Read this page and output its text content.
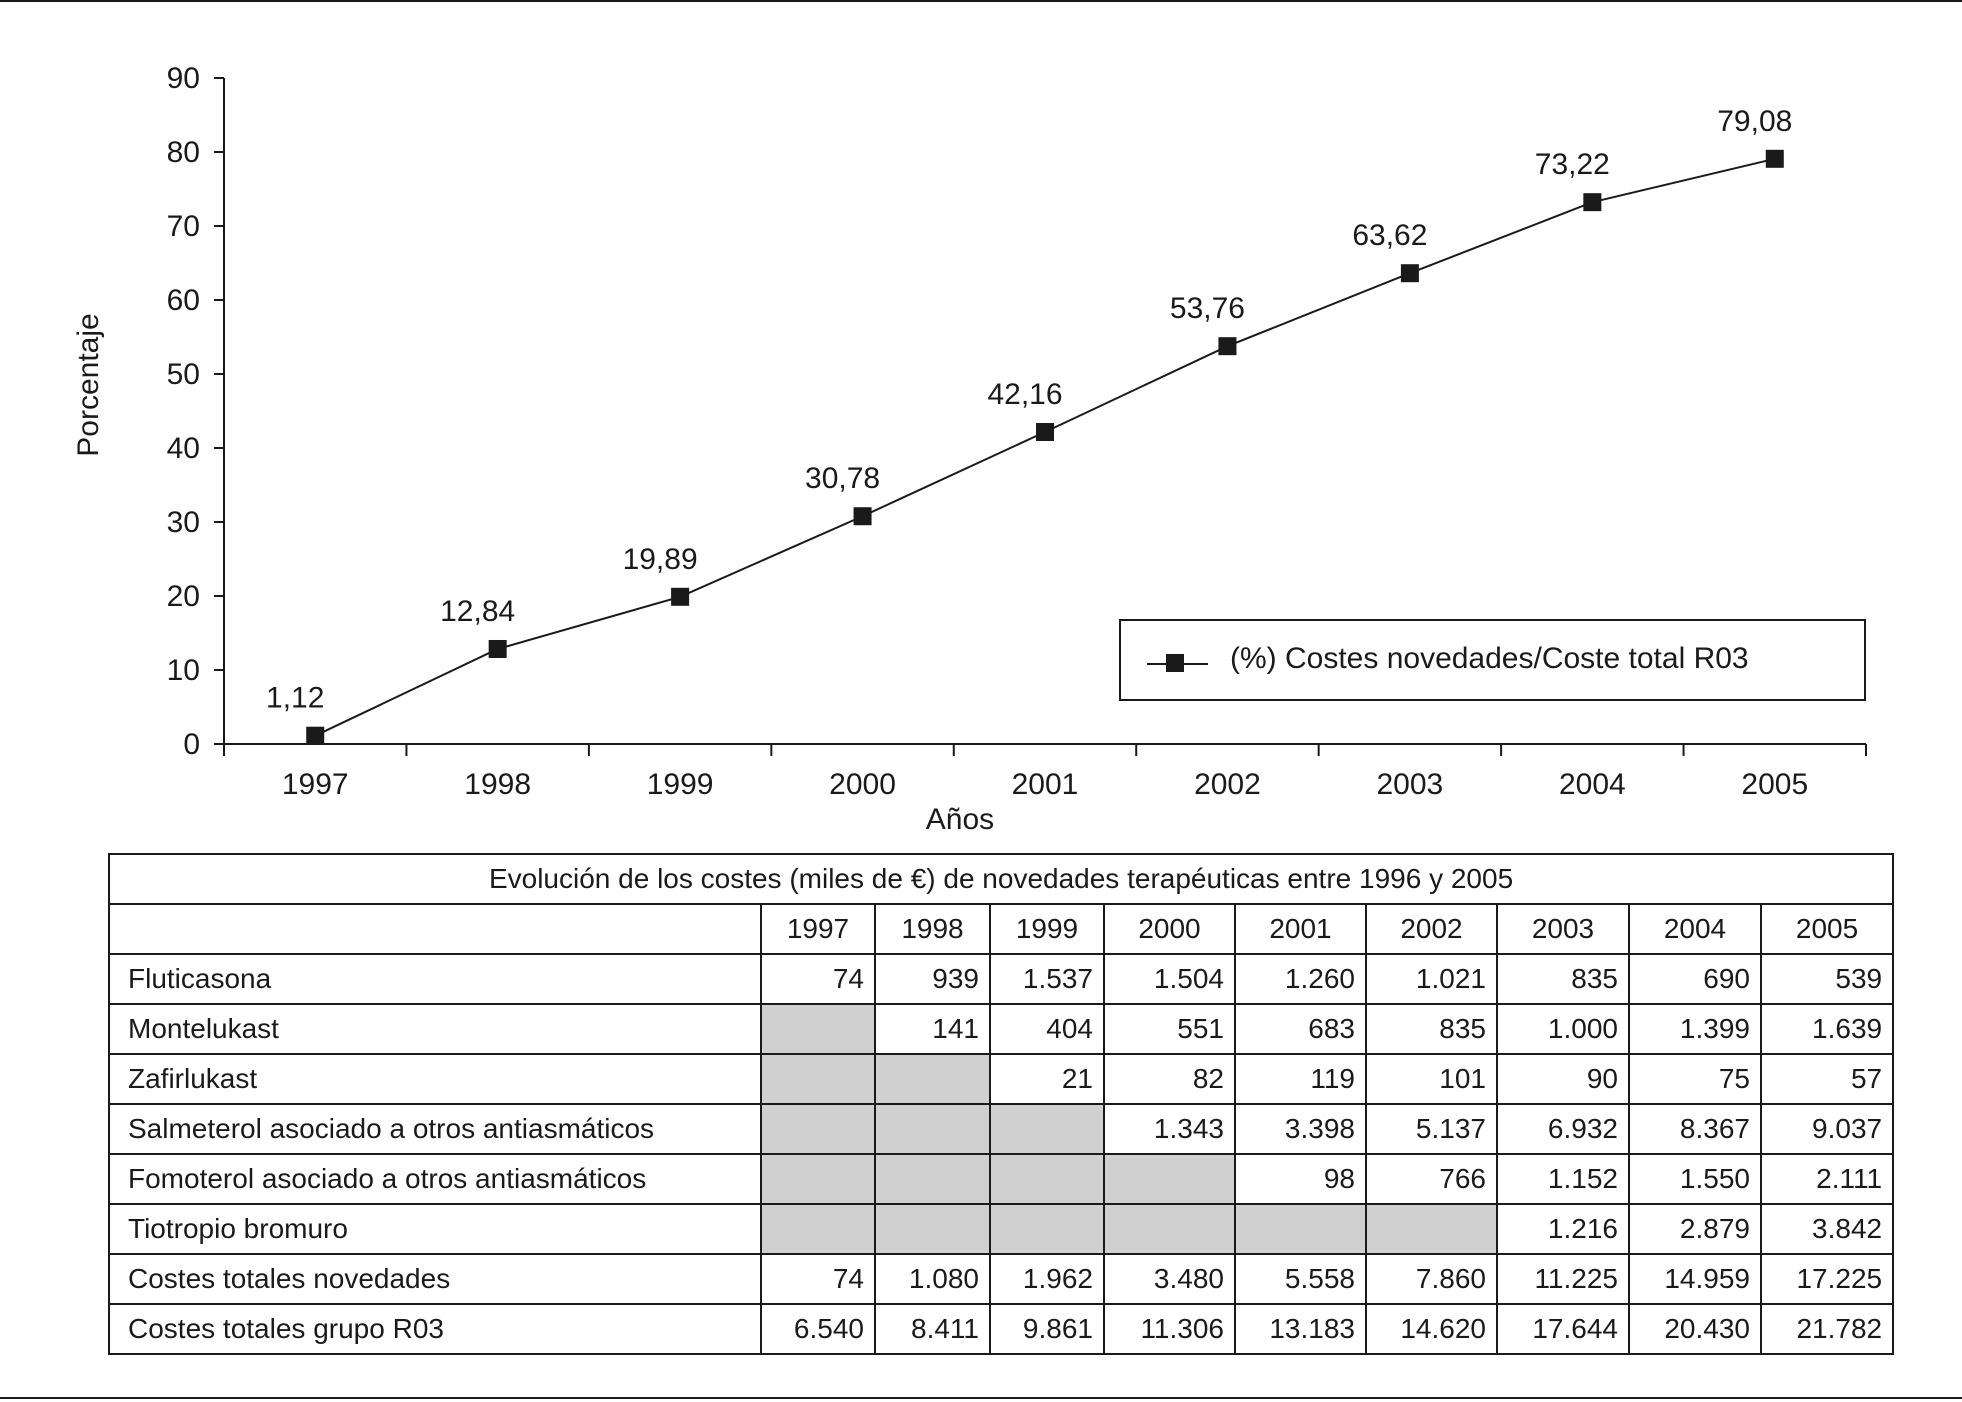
0
10
20
30
40
50
60
70
80
90
1997	1998	1999	2000	2001	2002	2003	2004	2005
Porcentaje
Años
1,12
12,84
19,89
30,78
42,16
53,76
63,62
73,22
79,08
(%) Costes novedades/Coste total R03
Evolución de los costes (miles de €) de novedades terapéuticas entre 1996 y 2005									
	1997	1998	1999	2000	2001	2002	2003	2004	2005
Fluticasona	74	939	1.537	1.504	1.260	1.021	835	690	539
Montelukast		141	404	551	683	835	1.000	1.399	1.639
Zafirlukast			21	82	119	101	90	75	57
Salmeterol asociado a otros antiasmáticos				1.343	3.398	5.137	6.932	8.367	9.037
Fomoterol asociado a otros antiasmáticos					98	766	1.152	1.550	2.111
Tiotropio bromuro							1.216	2.879	3.842
Costes totales novedades	74	1.080	1.962	3.480	5.558	7.860	11.225	14.959	17.225
Costes totales grupo R03	6.540	8.411	9.861	11.306	13.183	14.620	17.644	20.430	21.782
